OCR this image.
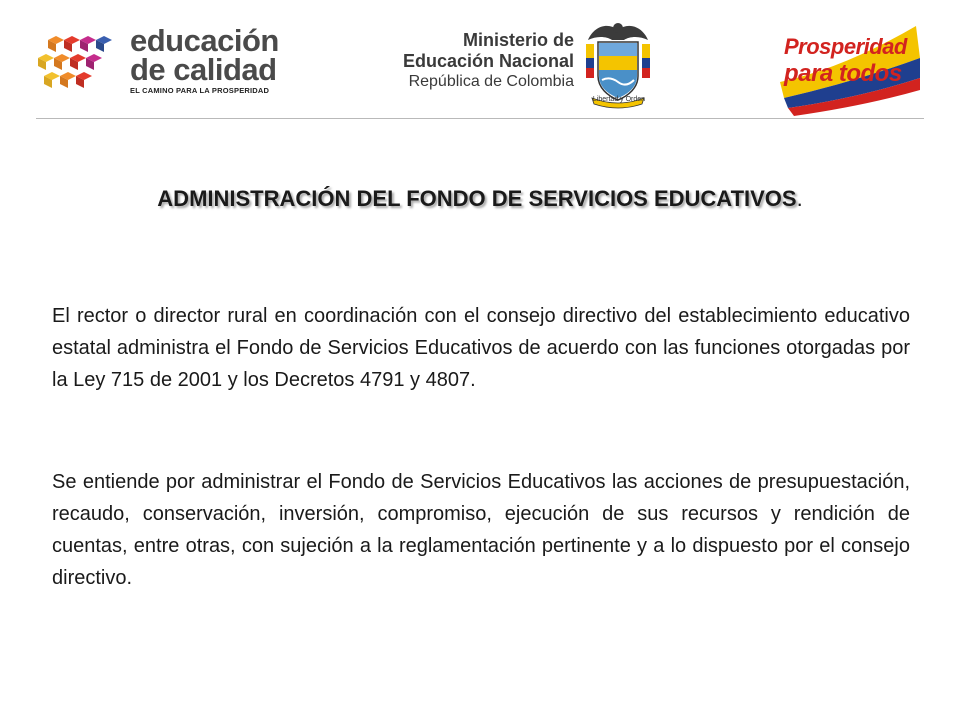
educación
de calidad
EL CAMINO PARA LA PROSPERIDAD
Ministerio de
Educación Nacional
República de Colombia
Libertad y Orden
Prosperidad
para todos
ADMINISTRACIÓN DEL FONDO DE SERVICIOS EDUCATIVOS.

El rector o director rural en coordinación con el consejo directivo del establecimiento educativo estatal administra el Fondo de Servicios Educativos de acuerdo con las funciones otorgadas por la Ley 715 de 2001 y los Decretos 4791 y 4807.

Se entiende por administrar el Fondo de Servicios Educativos las acciones de presupuestación, recaudo, conservación, inversión, compromiso, ejecución de sus recursos y rendición de cuentas, entre otras, con sujeción a la reglamentación pertinente y a lo dispuesto por el consejo directivo.
